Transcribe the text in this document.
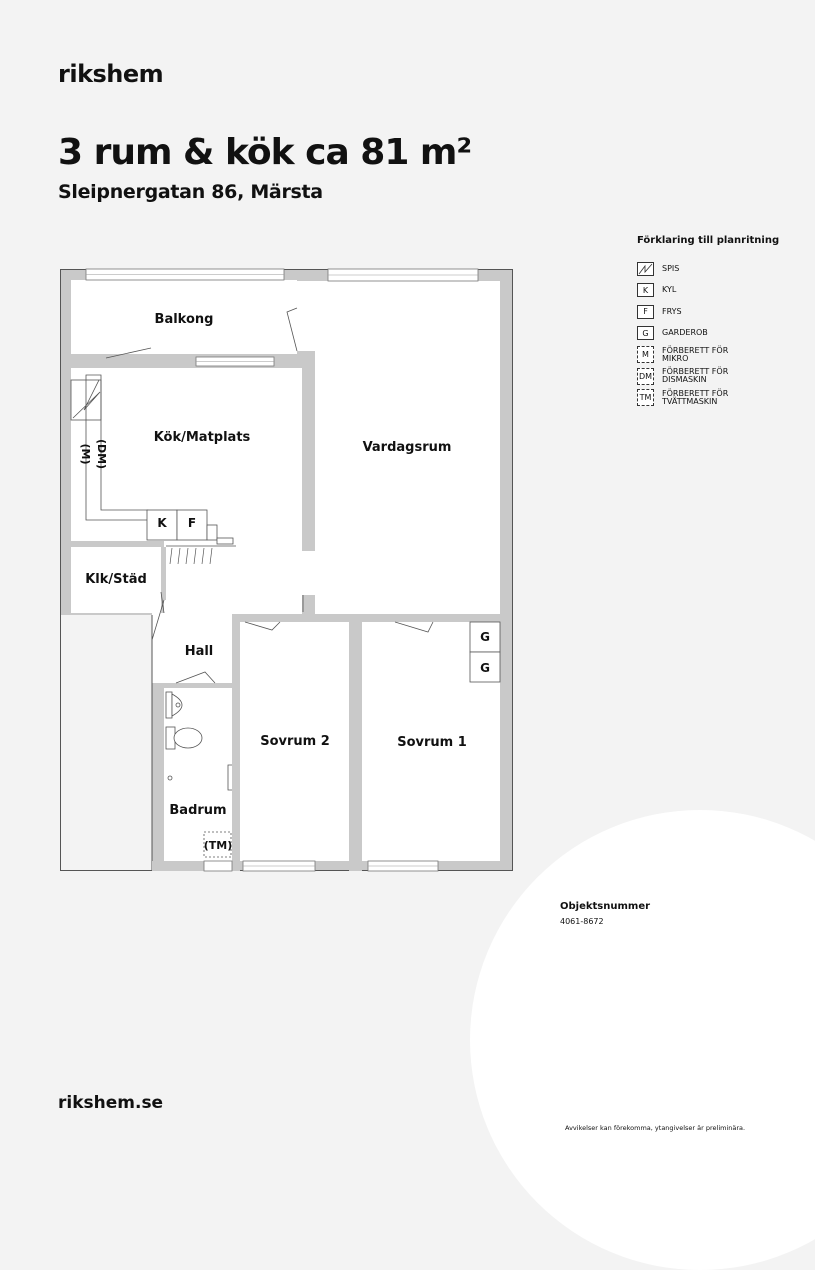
rikshem
3 rum & kök ca 81 m²
Sleipnergatan 86, Märsta
Förklaring till planritning
SPIS
K	KYL
F	FRYS
G	GARDEROB
M	FÖRBERETT FÖR
MIKRO
DM FÖRBERETT FÖR
DISMASKIN
TM	FÖRBERETT FÖR
TVÄTTMASKIN
Balkong
Kök/Matplats
Vardagsrum
Klk/Städ
Hall
Badrum
Sovrum 2	Sovrum 1
K F
G
G
(TM)
(M) (DM)
Objektsnummer
4061-8672
rikshem.se
Avvikelser kan förekomma, ytangivelser är preliminära.
